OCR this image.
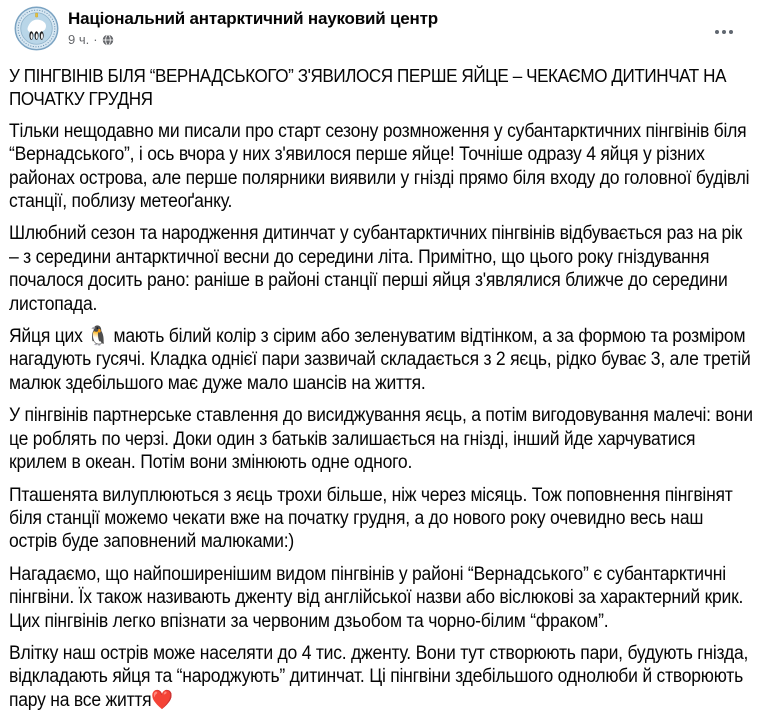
Національний антарктичний науковий центр
9 ч. ·

У ПІНГВІНІВ БІЛЯ “ВЕРНАДСЬКОГО” З'ЯВИЛОСЯ ПЕРШЕ ЯЙЦЕ – ЧЕКАЄМО ДИТИНЧАТ НА ПОЧАТКУ ГРУДНЯ

Тільки нещодавно ми писали про старт сезону розмноження у субантарктичних пінгвінів біля “Вернадського”, і ось вчора у них з'явилося перше яйце! Точніше одразу 4 яйця у різних районах острова, але перше полярники виявили у гнізді прямо біля входу до головної будівлі станції, поблизу метеоґанку.

Шлюбний сезон та народження дитинчат у субантарктичних пінгвінів відбувається раз на рік – з середини антарктичної весни до середини літа. Примітно, що цього року гніздування почалося досить рано: раніше в районі станції перші яйця з'являлися ближче до середини листопада.

Яйця цих 🐧 мають білий колір з сірим або зеленуватим відтінком, а за формою та розміром нагадують гусячі. Кладка однієї пари зазвичай складається з 2 яєць, рідко буває 3, але третій малюк здебільшого має дуже мало шансів на життя.

У пінгвінів партнерське ставлення до висиджування яєць, а потім вигодовування малечі: вони це роблять по черзі. Доки один з батьків залишається на гнізді, інший йде харчуватися крилем в океан. Потім вони змінюють одне одного.

Пташенята вилуплюються з яєць трохи більше, ніж через місяць. Тож поповнення пінгвінят біля станції можемо чекати вже на початку грудня, а до нового року очевидно весь наш острів буде заповнений малюками:)

Нагадаємо, що найпоширенішим видом пінгвінів у районі “Вернадського” є субантарктичні пінгвіни. Їх також називають дженту від англійської назви або віслюкові за характерний крик. Цих пінгвінів легко впізнати за червоним дзьобом та чорно-білим “фраком”.

Влітку наш острів може населяти до 4 тис. дженту. Вони тут створюють пари, будують гнізда, відкладають яйця та “народжують” дитинчат. Ці пінгвіни здебільшого однолюби й створюють пару на все життя❤️
